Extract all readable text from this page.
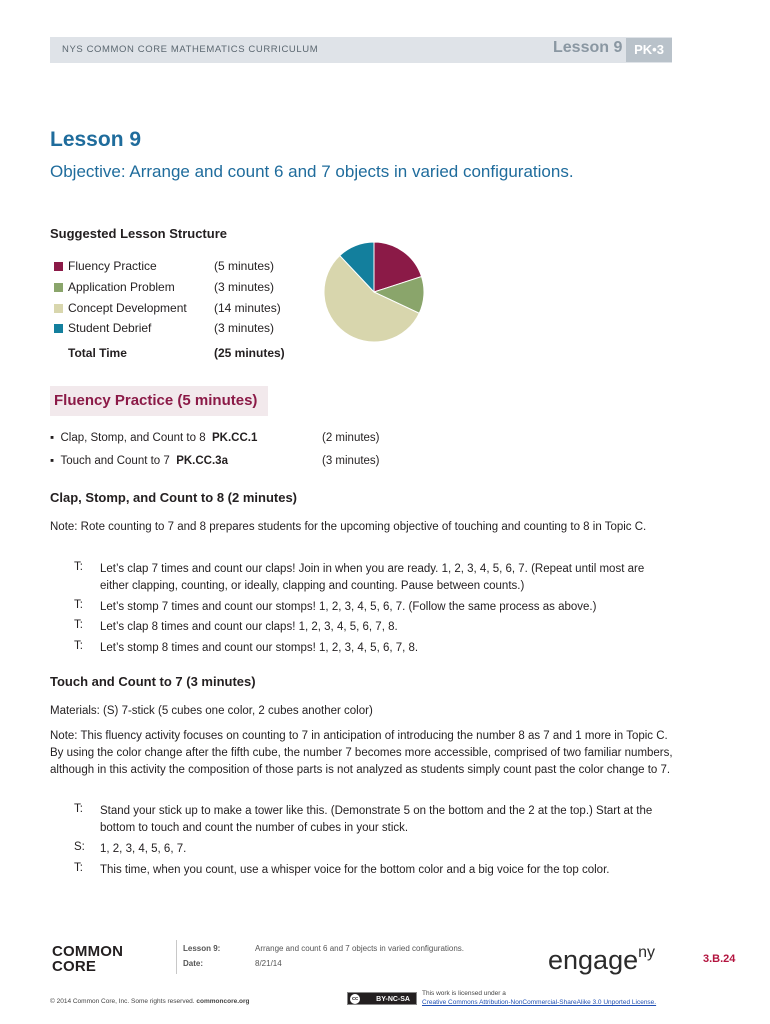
NYS COMMON CORE MATHEMATICS CURRICULUM	Lesson 9 PK•3
Lesson 9
Objective: Arrange and count 6 and 7 objects in varied configurations.
Suggested Lesson Structure
Fluency Practice	(5 minutes)
Application Problem	(3 minutes)
Concept Development (14 minutes)
Student Debrief	(3 minutes)
Total Time	(25 minutes)
Fluency Practice (5 minutes)
▪  Clap, Stomp, and Count to 8  PK.CC.1	(2 minutes)
▪  Touch and Count to 7  PK.CC.3a	(3 minutes)
Clap, Stomp, and Count to 8 (2 minutes)
Note: Rote counting to 7 and 8 prepares students for the upcoming objective of touching and counting to 8 in Topic C.
T: Let’s clap 7 times and count our claps! Join in when you are ready. 1, 2, 3, 4, 5, 6, 7. (Repeat until most are either clapping, counting, or ideally, clapping and counting. Pause between counts.)
T: Let’s stomp 7 times and count our stomps! 1, 2, 3, 4, 5, 6, 7. (Follow the same process as above.)
T: Let’s clap 8 times and count our claps! 1, 2, 3, 4, 5, 6, 7, 8.
T: Let’s stomp 8 times and count our stomps! 1, 2, 3, 4, 5, 6, 7, 8.
Touch and Count to 7 (3 minutes)
Materials: (S) 7-stick (5 cubes one color, 2 cubes another color)
Note: This fluency activity focuses on counting to 7 in anticipation of introducing the number 8 as 7 and 1 more in Topic C. By using the color change after the fifth cube, the number 7 becomes more accessible, comprised of two familiar numbers, although in this activity the composition of those parts is not analyzed as students simply count past the color change to 7.
T: Stand your stick up to make a tower like this. (Demonstrate 5 on the bottom and the 2 at the top.) Start at the bottom to touch and count the number of cubes in your stick.
S: 1, 2, 3, 4, 5, 6, 7.
T: This time, when you count, use a whisper voice for the bottom color and a big voice for the top color.
COMMON
CORE
Lesson 9:	Arrange and count 6 and 7 objects in varied configurations.
Date:	8/21/14	engage$^{ny}$	3.B.24
© 2014 Common Core, Inc. Some rights reserved. commoncore.org	cc	BY-NC-SA
This work is licensed under a
Creative Commons Attribution-NonCommercial-ShareAlike 3.0 Unported License.
